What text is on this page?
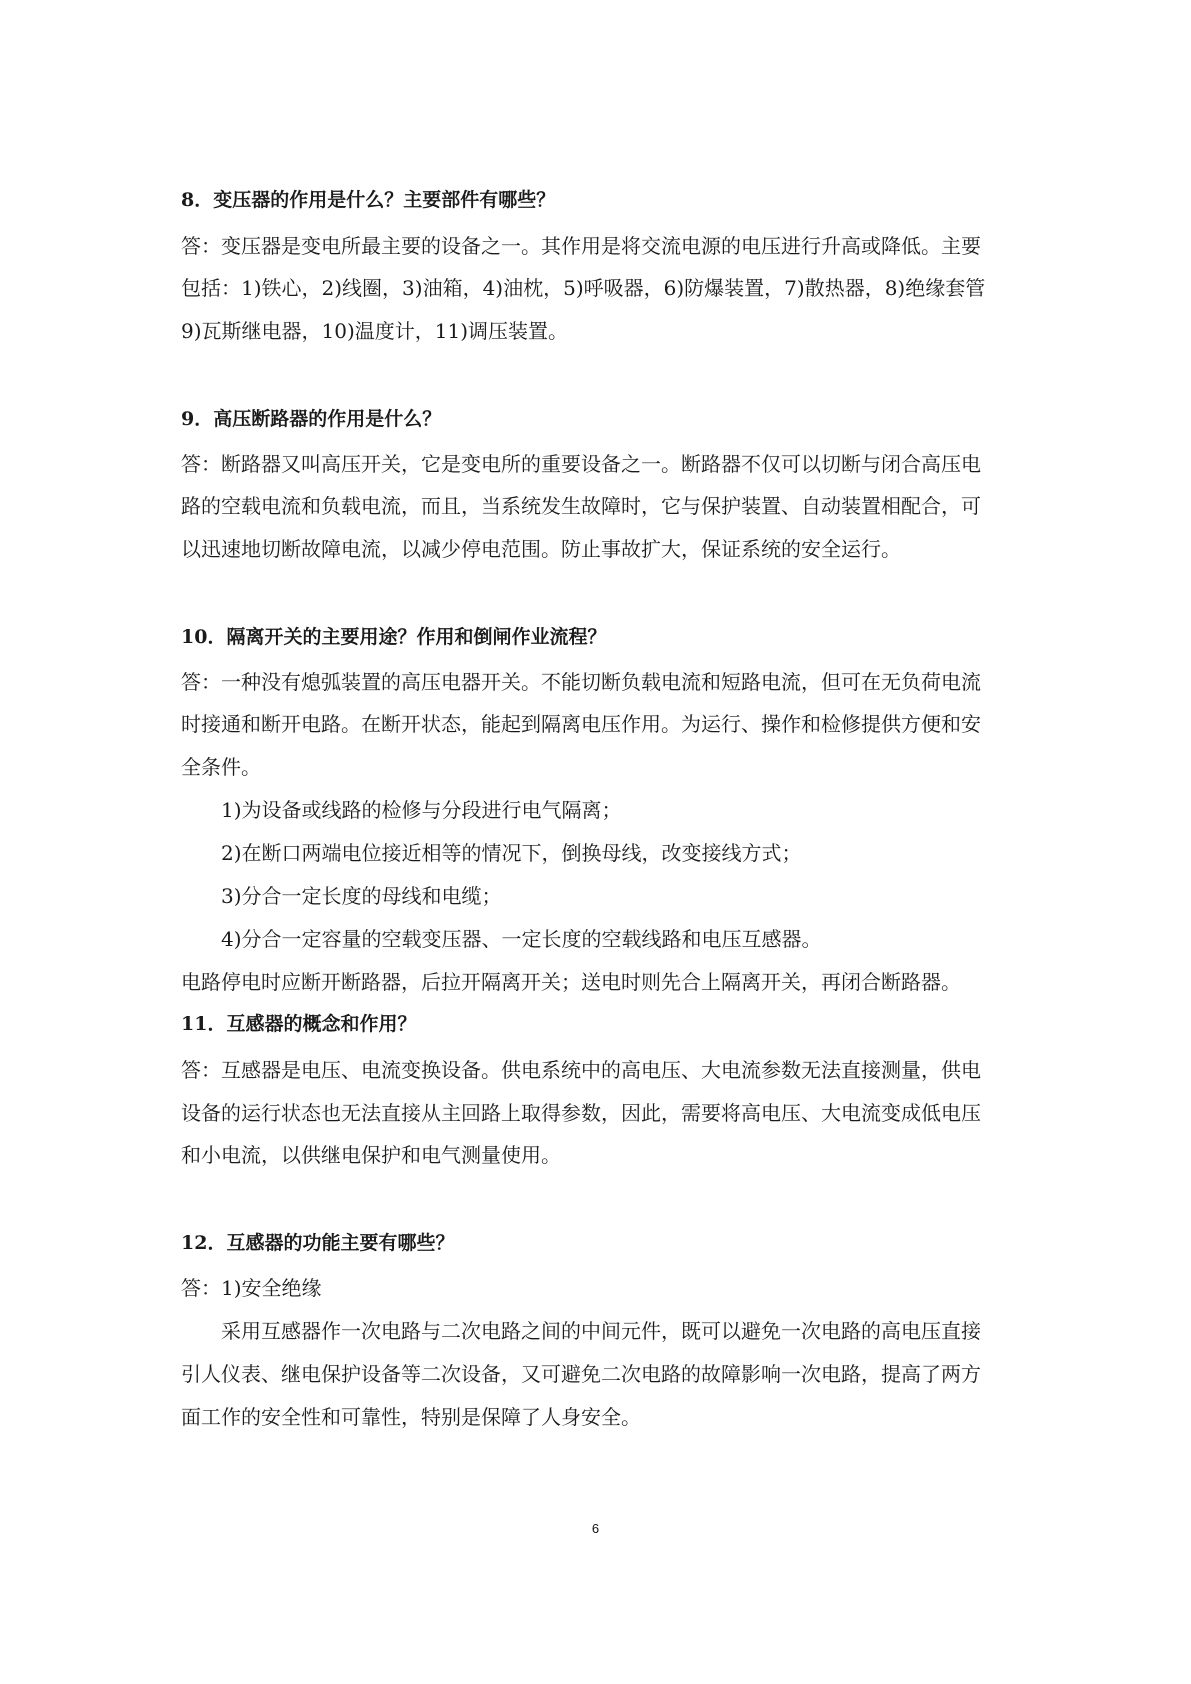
8．变压器的作用是什么？主要部件有哪些？
答：变压器是变电所最主要的设备之一。其作用是将交流电源的电压进行升高或降低。主要
包括：1)铁心，2)线圈，3)油箱，4)油枕，5)呼吸器，6)防爆装置，7)散热器，8)绝缘套管
9)瓦斯继电器，10)温度计，11)调压装置。
9．高压断路器的作用是什么？
答：断路器又叫高压开关，它是变电所的重要设备之一。断路器不仅可以切断与闭合高压电
路的空载电流和负载电流，而且，当系统发生故障时，它与保护装置、自动装置相配合，可
以迅速地切断故障电流，以减少停电范围。防止事故扩大，保证系统的安全运行。
10．隔离开关的主要用途？作用和倒闸作业流程？
答：一种没有熄弧装置的高压电器开关。不能切断负载电流和短路电流，但可在无负荷电流
时接通和断开电路。在断开状态，能起到隔离电压作用。为运行、操作和检修提供方便和安
全条件。
1)为设备或线路的检修与分段进行电气隔离；
2)在断口两端电位接近相等的情况下，倒换母线，改变接线方式；
3)分合一定长度的母线和电缆；
4)分合一定容量的空载变压器、一定长度的空载线路和电压互感器。
电路停电时应断开断路器，后拉开隔离开关；送电时则先合上隔离开关，再闭合断路器。
11．互感器的概念和作用？
答：互感器是电压、电流变换设备。供电系统中的高电压、大电流参数无法直接测量，供电
设备的运行状态也无法直接从主回路上取得参数，因此，需要将高电压、大电流变成低电压
和小电流，以供继电保护和电气测量使用。
12．互感器的功能主要有哪些？
答：1)安全绝缘
采用互感器作一次电路与二次电路之间的中间元件，既可以避免一次电路的高电压直接
引人仪表、继电保护设备等二次设备，又可避免二次电路的故障影响一次电路，提高了两方
面工作的安全性和可靠性，特别是保障了人身安全。
6
